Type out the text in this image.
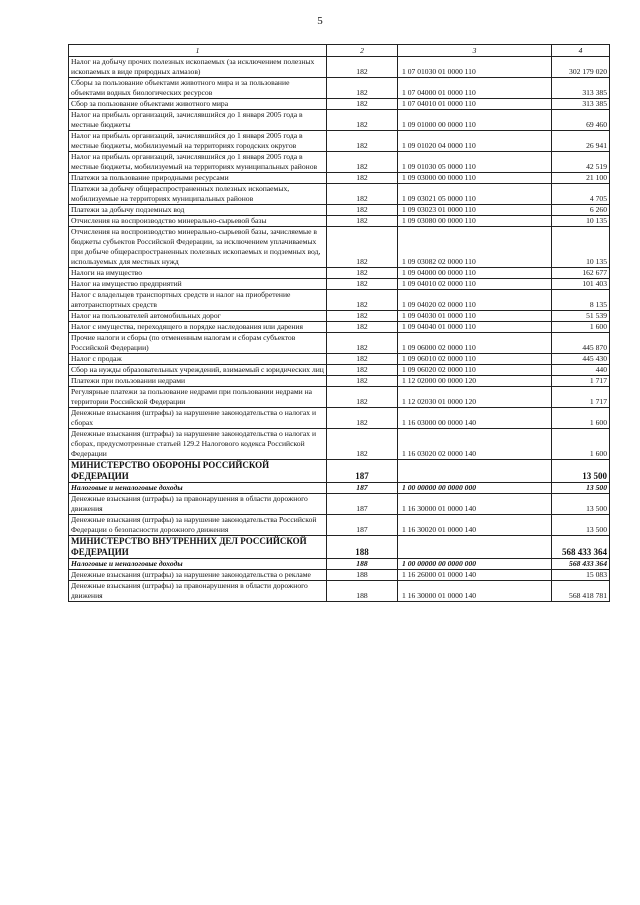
5
1	2	3	4
Налог на добычу прочих полезных ископаемых (за исключением полезных ископаемых в виде природных алмазов)	182	1 07 01030 01 0000 110	302 179 020
Сборы за пользование объектами животного мира и за пользование объектами водных биологических ресурсов	182	1 07 04000 01 0000 110	313 385
Сбор за пользование объектами животного мира	182	1 07 04010 01 0000 110	313 385
Налог на прибыль организаций, зачислявшийся до 1 января 2005 года в местные бюджеты	182	1 09 01000 00 0000 110	69 460
Налог на прибыль организаций, зачислявшийся до 1 января 2005 года в местные бюджеты, мобилизуемый на территориях городских округов	182	1 09 01020 04 0000 110	26 941
Налог на прибыль организаций, зачислявшийся до 1 января 2005 года в местные бюджеты, мобилизуемый на территориях муниципальных районов	182	1 09 01030 05 0000 110	42 519
Платежи за пользование природными ресурсами	182	1 09 03000 00 0000 110	21 100
Платежи за добычу общераспространенных полезных ископаемых, мобилизуемые на территориях муниципальных районов	182	1 09 03021 05 0000 110	4 705
Платежи за добычу подземных вод	182	1 09 03023 01 0000 110	6 260
Отчисления на воспроизводство минерально-сырьевой базы	182	1 09 03080 00 0000 110	10 135
Отчисления на воспроизводство минерально-сырьевой базы, зачисляемые в бюджеты субъектов Российской Федерации, за исключением уплачиваемых при добыче общераспространенных полезных ископаемых и подземных вод, используемых для местных нужд	182	1 09 03082 02 0000 110	10 135
Налоги на имущество	182	1 09 04000 00 0000 110	162 677
Налог на имущество предприятий	182	1 09 04010 02 0000 110	101 403
Налог с владельцев транспортных средств и налог на приобретение автотранспортных средств	182	1 09 04020 02 0000 110	8 135
Налог на пользователей автомобильных дорог	182	1 09 04030 01 0000 110	51 539
Налог с имущества, переходящего в порядке наследования или дарения	182	1 09 04040 01 0000 110	1 600
Прочие налоги и сборы (по отмененным налогам и сборам субъектов Российской Федерации)	182	1 09 06000 02 0000 110	445 870
Налог с продаж	182	1 09 06010 02 0000 110	445 430
Сбор на нужды образовательных учреждений, взимаемый с юридических лиц	182	1 09 06020 02 0000 110	440
Платежи при пользовании недрами	182	1 12 02000 00 0000 120	1 717
Регулярные платежи за пользование недрами при пользовании недрами на территории Российской Федерации	182	1 12 02030 01 0000 120	1 717
Денежные взыскания (штрафы) за нарушение законодательства о налогах и сборах	182	1 16 03000 00 0000 140	1 600
Денежные взыскания (штрафы) за нарушение законодательства о налогах и сборах, предусмотренные статьей 129.2 Налогового кодекса Российской Федерации	182	1 16 03020 02 0000 140	1 600
МИНИСТЕРСТВО ОБОРОНЫ РОССИЙСКОЙ ФЕДЕРАЦИИ	187		13 500
Налоговые и неналоговые доходы	187	1 00 00000 00 0000 000	13 500
Денежные взыскания (штрафы) за правонарушения в области дорожного движения	187	1 16 30000 01 0000 140	13 500
Денежные взыскания (штрафы) за нарушение законодательства Российской Федерации о безопасности дорожного движения	187	1 16 30020 01 0000 140	13 500
МИНИСТЕРСТВО ВНУТРЕННИХ ДЕЛ РОССИЙСКОЙ ФЕДЕРАЦИИ	188		568 433 364
Налоговые и неналоговые доходы	188	1 00 00000 00 0000 000	568 433 364
Денежные взыскания (штрафы) за нарушение законодательства о рекламе	188	1 16 26000 01 0000 140	15 083
Денежные взыскания (штрафы) за правонарушения в области дорожного движения	188	1 16 30000 01 0000 140	568 418 781
